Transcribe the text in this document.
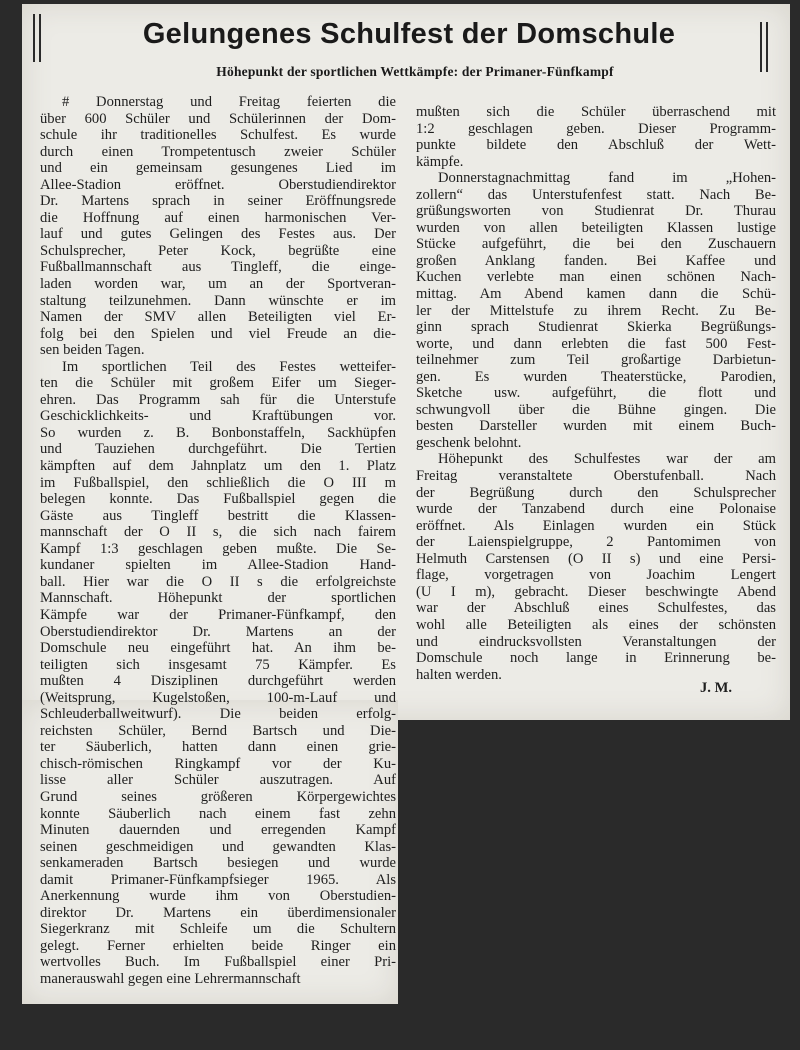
Gelungenes Schulfest der Domschule
Höhepunkt der sportlichen Wettkämpfe: der Primaner-Fünfkampf
# Donnerstag und Freitag feierten die
über 600 Schüler und Schülerinnen der Dom-
schule ihr traditionelles Schulfest. Es wurde
durch einen Trompetentusch zweier Schüler
und ein gemeinsam gesungenes Lied im
Allee-Stadion eröffnet. Oberstudiendirektor
Dr. Martens sprach in seiner Eröffnungsrede
die Hoffnung auf einen harmonischen Ver-
lauf und gutes Gelingen des Festes aus. Der
Schulsprecher, Peter Kock, begrüßte eine
Fußballmannschaft aus Tingleff, die einge-
laden worden war, um an der Sportveran-
staltung teilzunehmen. Dann wünschte er im
Namen der SMV allen Beteiligten viel Er-
folg bei den Spielen und viel Freude an die-
sen beiden Tagen.
Im sportlichen Teil des Festes wetteifer-
ten die Schüler mit großem Eifer um Sieger-
ehren. Das Programm sah für die Unterstufe
Geschicklichkeits- und Kraftübungen vor.
So wurden z. B. Bonbonstaffeln, Sackhüpfen
und Tauziehen durchgeführt. Die Tertien
kämpften auf dem Jahnplatz um den 1. Platz
im Fußballspiel, den schließlich die O III m
belegen konnte. Das Fußballspiel gegen die
Gäste aus Tingleff bestritt die Klassen-
mannschaft der O II s, die sich nach fairem
Kampf 1:3 geschlagen geben mußte. Die Se-
kundaner spielten im Allee-Stadion Hand-
ball. Hier war die O II s die erfolgreichste
Mannschaft. Höhepunkt der sportlichen
Kämpfe war der Primaner-Fünfkampf, den
Oberstudiendirektor Dr. Martens an der
Domschule neu eingeführt hat. An ihm be-
teiligten sich insgesamt 75 Kämpfer. Es
mußten 4 Disziplinen durchgeführt werden
(Weitsprung, Kugelstoßen, 100-m-Lauf und
Schleuderballweitwurf). Die beiden erfolg-
reichsten Schüler, Bernd Bartsch und Die-
ter Säuberlich, hatten dann einen grie-
chisch-römischen Ringkampf vor der Ku-
lisse aller Schüler auszutragen. Auf
Grund seines größeren Körpergewichtes
konnte Säuberlich nach einem fast zehn
Minuten dauernden und erregenden Kampf
seinen geschmeidigen und gewandten Klas-
senkameraden Bartsch besiegen und wurde
damit Primaner-Fünfkampfsieger 1965. Als
Anerkennung wurde ihm von Oberstudien-
direktor Dr. Martens ein überdimensionaler
Siegerkranz mit Schleife um die Schultern
gelegt. Ferner erhielten beide Ringer ein
wertvolles Buch. Im Fußballspiel einer Pri-
manerauswahl gegen eine Lehrermannschaft
mußten sich die Schüler überraschend mit
1:2 geschlagen geben. Dieser Programm-
punkte bildete den Abschluß der Wett-
kämpfe.
Donnerstagnachmittag fand im „Hohen-
zollern“ das Unterstufenfest statt. Nach Be-
grüßungsworten von Studienrat Dr. Thurau
wurden von allen beteiligten Klassen lustige
Stücke aufgeführt, die bei den Zuschauern
großen Anklang fanden. Bei Kaffee und
Kuchen verlebte man einen schönen Nach-
mittag. Am Abend kamen dann die Schü-
ler der Mittelstufe zu ihrem Recht. Zu Be-
ginn sprach Studienrat Skierka Begrüßungs-
worte, und dann erlebten die fast 500 Fest-
teilnehmer zum Teil großartige Darbietun-
gen. Es wurden Theaterstücke, Parodien,
Sketche usw. aufgeführt, die flott und
schwungvoll über die Bühne gingen. Die
besten Darsteller wurden mit einem Buch-
geschenk belohnt.
Höhepunkt des Schulfestes war der am
Freitag veranstaltete Oberstufenball. Nach
der Begrüßung durch den Schulsprecher
wurde der Tanzabend durch eine Polonaise
eröffnet. Als Einlagen wurden ein Stück
der Laienspielgruppe, 2 Pantomimen von
Helmuth Carstensen (O II s) und eine Persi-
flage, vorgetragen von Joachim Lengert
(U I m), gebracht. Dieser beschwingte Abend
war der Abschluß eines Schulfestes, das
wohl alle Beteiligten als eines der schönsten
und eindrucksvollsten Veranstaltungen der
Domschule noch lange in Erinnerung be-
halten werden.
J. M.
